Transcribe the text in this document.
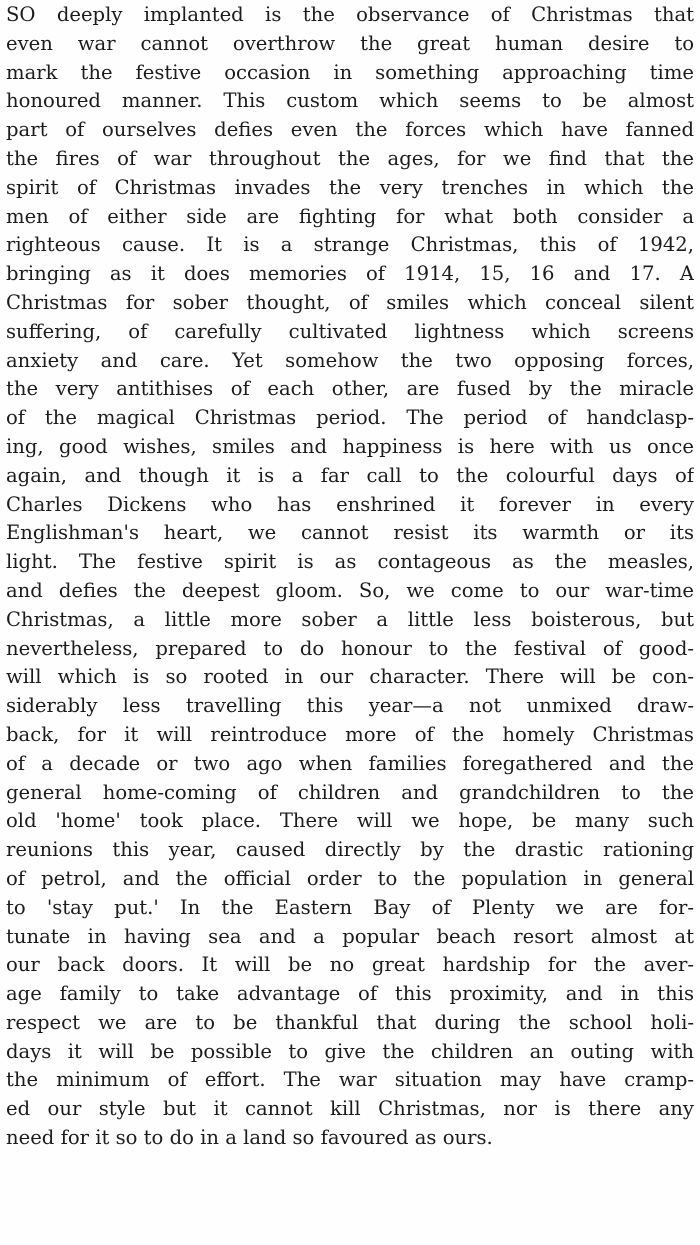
SO deeply implanted is the observance of Christmas that
even war cannot overthrow the great human desire to
mark the festive occasion in something approaching time
honoured manner. This custom which seems to be almost
part of ourselves defies even the forces which have fanned
the fires of war throughout the ages, for we find that the
spirit of Christmas invades the very trenches in which the
men of either side are fighting for what both consider a
righteous cause. It is a strange Christmas, this of 1942,
bringing as it does memories of 1914, 15, 16 and 17. A
Christmas for sober thought, of smiles which conceal silent
suffering, of carefully cultivated lightness which screens
anxiety and care. Yet somehow the two opposing forces,
the very antithises of each other, are fused by the miracle
of the magical Christmas period. The period of handclasp-
ing, good wishes, smiles and happiness is here with us once
again, and though it is a far call to the colourful days of
Charles Dickens who has enshrined it forever in every
Englishman's heart, we cannot resist its warmth or its
light. The festive spirit is as contageous as the measles,
and defies the deepest gloom. So, we come to our war-time
Christmas, a little more sober a little less boisterous, but
nevertheless, prepared to do honour to the festival of good-
will which is so rooted in our character. There will be con-
siderably less travelling this year—a not unmixed draw-
back, for it will reintroduce more of the homely Christmas
of a decade or two ago when families foregathered and the
general home-coming of children and grandchildren to the
old 'home' took place. There will we hope, be many such
reunions this year, caused directly by the drastic rationing
of petrol, and the official order to the population in general
to 'stay put.' In the Eastern Bay of Plenty we are for-
tunate in having sea and a popular beach resort almost at
our back doors. It will be no great hardship for the aver-
age family to take advantage of this proximity, and in this
respect we are to be thankful that during the school holi-
days it will be possible to give the children an outing with
the minimum of effort. The war situation may have cramp-
ed our style but it cannot kill Christmas, nor is there any
need for it so to do in a land so favoured as ours.
